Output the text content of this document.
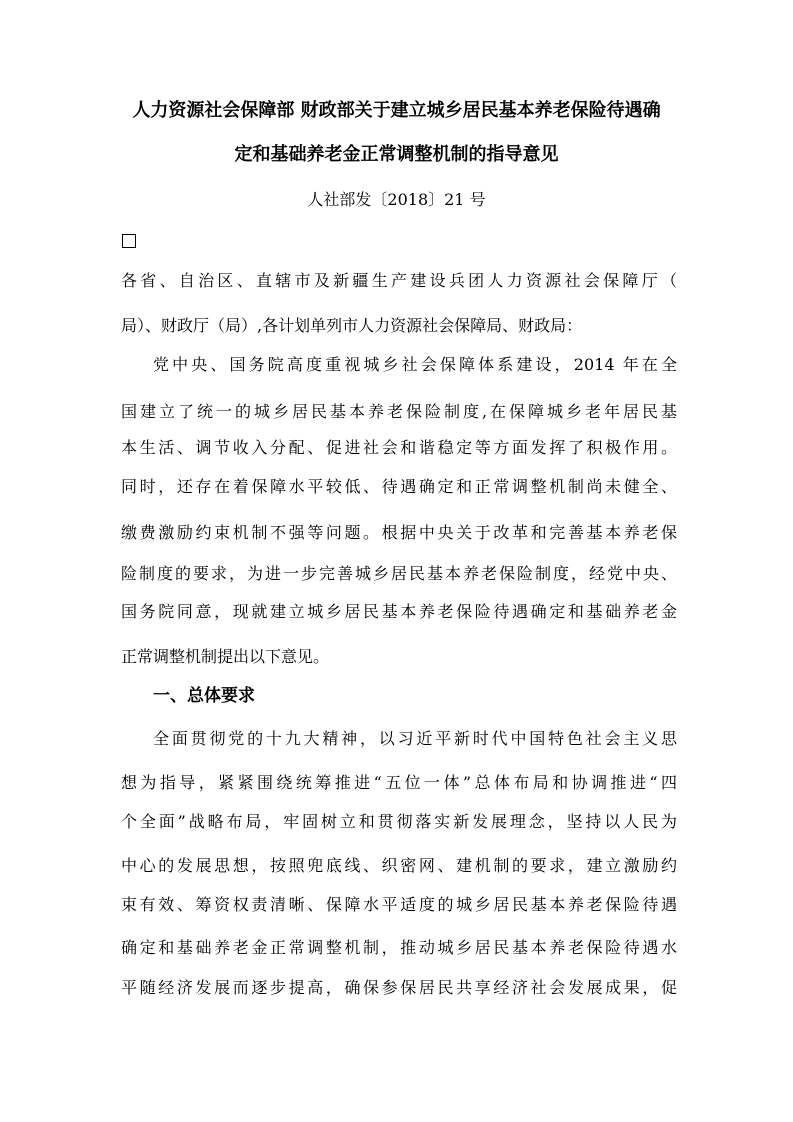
人力资源社会保障部 财政部关于建立城乡居民基本养老保险待遇确
定和基础养老金正常调整机制的指导意见
人社部发〔2018〕21 号
各省、自治区、直辖市及新疆生产建设兵团人力资源社会保障厅（
局）、财政厅（局）,各计划单列市人力资源社会保障局、财政局：
党中央、国务院高度重视城乡社会保障体系建设，2014 年在全
国建立了统一的城乡居民基本养老保险制度,在保障城乡老年居民基
本生活、调节收入分配、促进社会和谐稳定等方面发挥了积极作用。
同时，还存在着保障水平较低、待遇确定和正常调整机制尚未健全、
缴费激励约束机制不强等问题。根据中央关于改革和完善基本养老保
险制度的要求，为进一步完善城乡居民基本养老保险制度，经党中央、
国务院同意，现就建立城乡居民基本养老保险待遇确定和基础养老金
正常调整机制提出以下意见。
一、总体要求
全面贯彻党的十九大精神，以习近平新时代中国特色社会主义思
想为指导，紧紧围绕统筹推进“五位一体”总体布局和协调推进“四
个全面”战略布局，牢固树立和贯彻落实新发展理念，坚持以人民为
中心的发展思想，按照兜底线、织密网、建机制的要求，建立激励约
束有效、筹资权责清晰、保障水平适度的城乡居民基本养老保险待遇
确定和基础养老金正常调整机制，推动城乡居民基本养老保险待遇水
平随经济发展而逐步提高，确保参保居民共享经济社会发展成果，促
